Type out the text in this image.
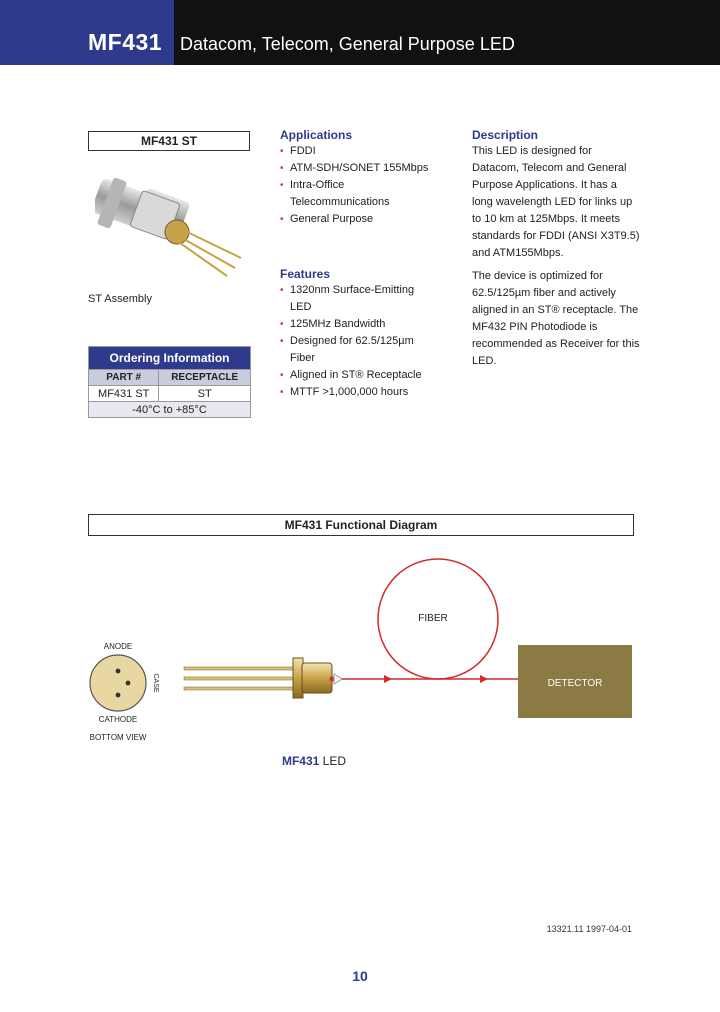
MF431 Datacom, Telecom, General Purpose LED
MF431 ST
ST Assembly
Ordering Information	
PART #	RECEPTACLE
MF431 ST	ST
-40°C to +85°C	
Applications
• FDDI
• ATM-SDH/SONET 155Mbps
• Intra-Office
Telecommunications
• General Purpose
Features
• 1320nm Surface-Emitting
LED
• 125MHz Bandwidth
• Designed for 62.5/125µm
Fiber
• Aligned in ST® Receptacle
• MTTF >1,000,000 hours
Description

This LED is designed for Datacom, Telecom and General Purpose Applications. It has a long wavelength LED for links up to 10 km at 125Mbps. It meets standards for FDDI (ANSI X3T9.5) and ATM155Mbps.

The device is optimized for 62.5/125µm fiber and actively aligned in an ST® receptacle. The MF432 PIN Photodiode is recommended as Receiver for this LED.

MF431 Functional Diagram
ANODE
CATHODE
BOTTOM VIEW
CASE
FIBER
DETECTOR
MF431 LED
13321.11 1997-04-01
10
